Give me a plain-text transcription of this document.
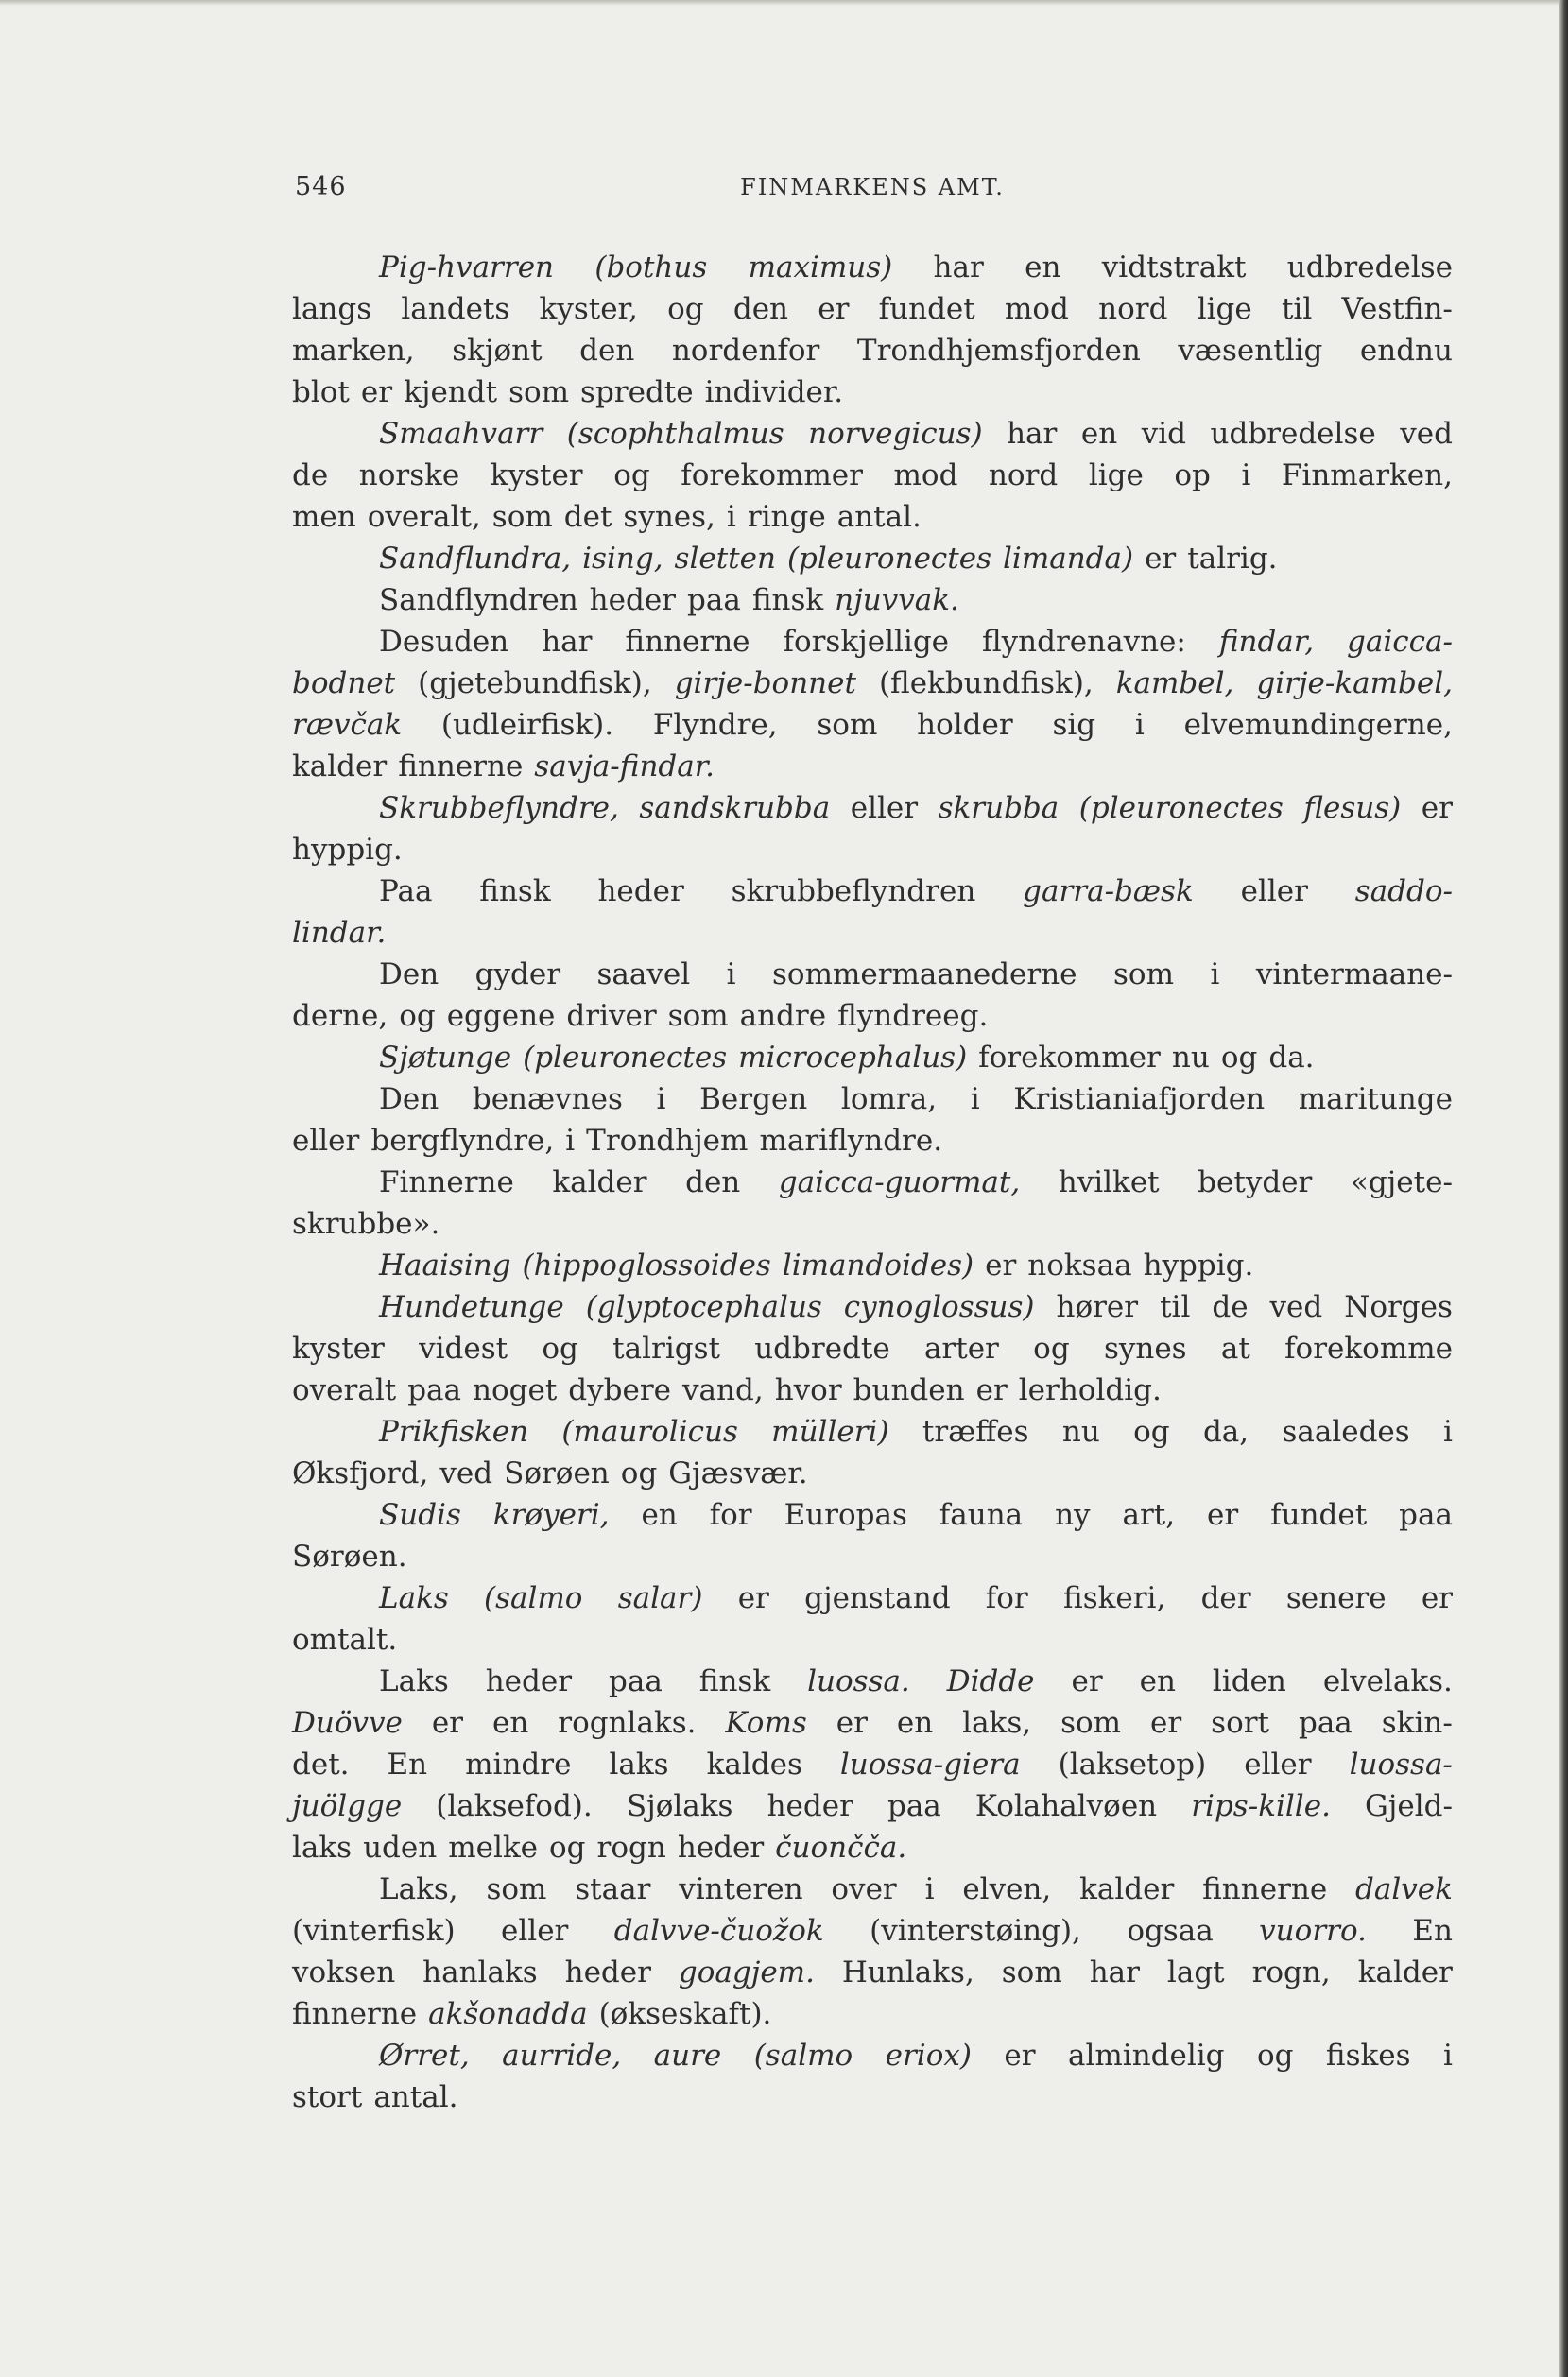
546	FINMARKENS AMT.
Pig-hvarren (bothus maximus) har en vidtstrakt udbredelse
langs landets kyster, og den er fundet mod nord lige til Vestfin-
marken, skjønt den nordenfor Trondhjemsfjorden væsentlig endnu
blot er kjendt som spredte individer.
Smaahvarr (scophthalmus norvegicus) har en vid udbredelse ved
de norske kyster og forekommer mod nord lige op i Finmarken,
men overalt, som det synes, i ringe antal.
Sandflundra, ising, sletten (pleuronectes limanda) er talrig.
Sandflyndren heder paa finsk njuvvak.
Desuden har finnerne forskjellige flyndrenavne: findar, gaicca-
bodnet (gjetebundfisk), girje-bonnet (flekbundfisk), kambel, girje-kambel,
rævčak (udleirfisk). Flyndre, som holder sig i elvemundingerne,
kalder finnerne savja-findar.
Skrubbeflyndre, sandskrubba eller skrubba (pleuronectes flesus) er
hyppig.
Paa finsk heder skrubbeflyndren garra-bæsk eller saddo-
lindar.
Den gyder saavel i sommermaanederne som i vintermaane-
derne, og eggene driver som andre flyndreeg.
Sjøtunge (pleuronectes microcephalus) forekommer nu og da.
Den benævnes i Bergen lomra, i Kristianiafjorden maritunge
eller bergflyndre, i Trondhjem mariflyndre.
Finnerne kalder den gaicca-guormat, hvilket betyder «gjete-
skrubbe».
Haaising (hippoglossoides limandoides) er noksaa hyppig.
Hundetunge (glyptocephalus cynoglossus) hører til de ved Norges
kyster videst og talrigst udbredte arter og synes at forekomme
overalt paa noget dybere vand, hvor bunden er lerholdig.
Prikfisken (maurolicus mülleri) træffes nu og da, saaledes i
Øksfjord, ved Sørøen og Gjæsvær.
Sudis krøyeri, en for Europas fauna ny art, er fundet paa
Sørøen.
Laks (salmo salar) er gjenstand for fiskeri, der senere er
omtalt.
Laks heder paa finsk luossa. Didde er en liden elvelaks.
Duövve er en rognlaks. Koms er en laks, som er sort paa skin-
det. En mindre laks kaldes luossa-giera (laksetop) eller luossa-
juölgge (laksefod). Sjølaks heder paa Kolahalvøen rips-kille. Gjeld-
laks uden melke og rogn heder čuončča.
Laks, som staar vinteren over i elven, kalder finnerne dalvek
(vinterfisk) eller dalvve-čuožok (vinterstøing), ogsaa vuorro. En
voksen hanlaks heder goagjem. Hunlaks, som har lagt rogn, kalder
finnerne akšonadda (økseskaft).
Ørret, aurride, aure (salmo eriox) er almindelig og fiskes i
stort antal.
